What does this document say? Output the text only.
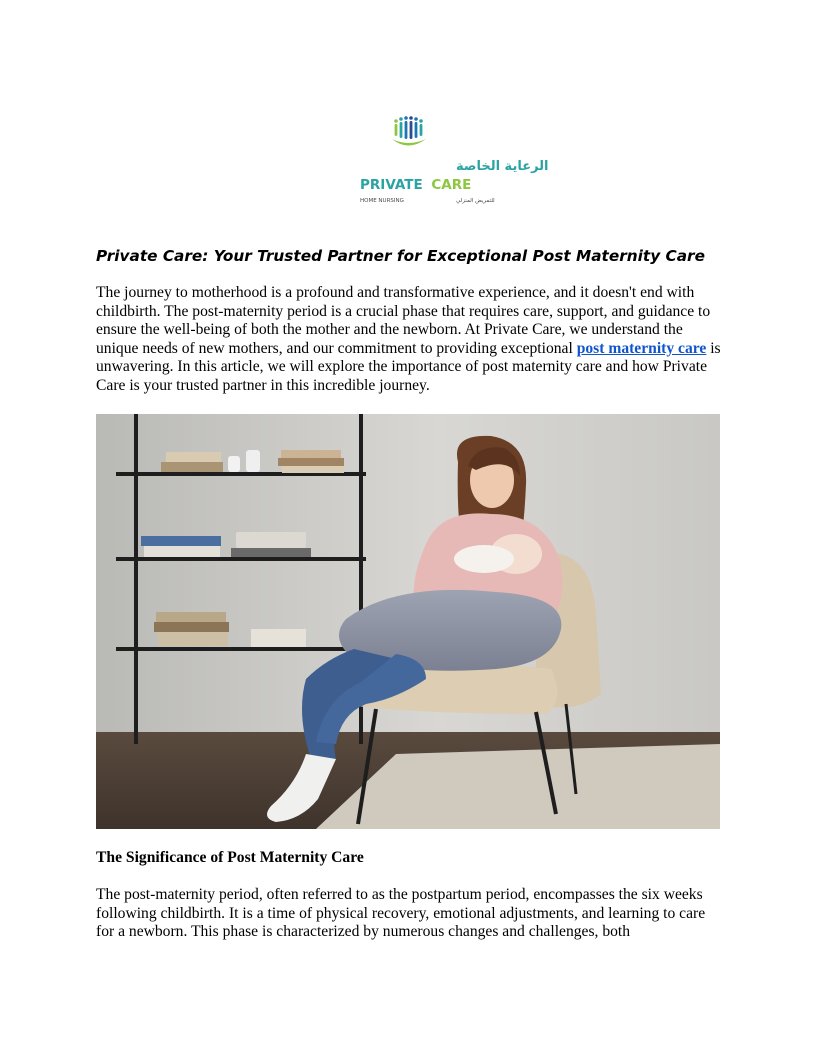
الرعاية الخاصة
PRIVATE CARE
HOME NURSING	للتمريض المنزلي
Private Care: Your Trusted Partner for Exceptional Post Maternity Care

The journey to motherhood is a profound and transformative experience, and it doesn't end with childbirth. The post-maternity period is a crucial phase that requires care, support, and guidance to ensure the well-being of both the mother and the newborn. At Private Care, we understand the unique needs of new mothers, and our commitment to providing exceptional post maternity care is unwavering. In this article, we will explore the importance of post maternity care and how Private Care is your trusted partner in this incredible journey.

The Significance of Post Maternity Care

The post-maternity period, often referred to as the postpartum period, encompasses the six weeks following childbirth. It is a time of physical recovery, emotional adjustments, and learning to care for a newborn. This phase is characterized by numerous changes and challenges, both
